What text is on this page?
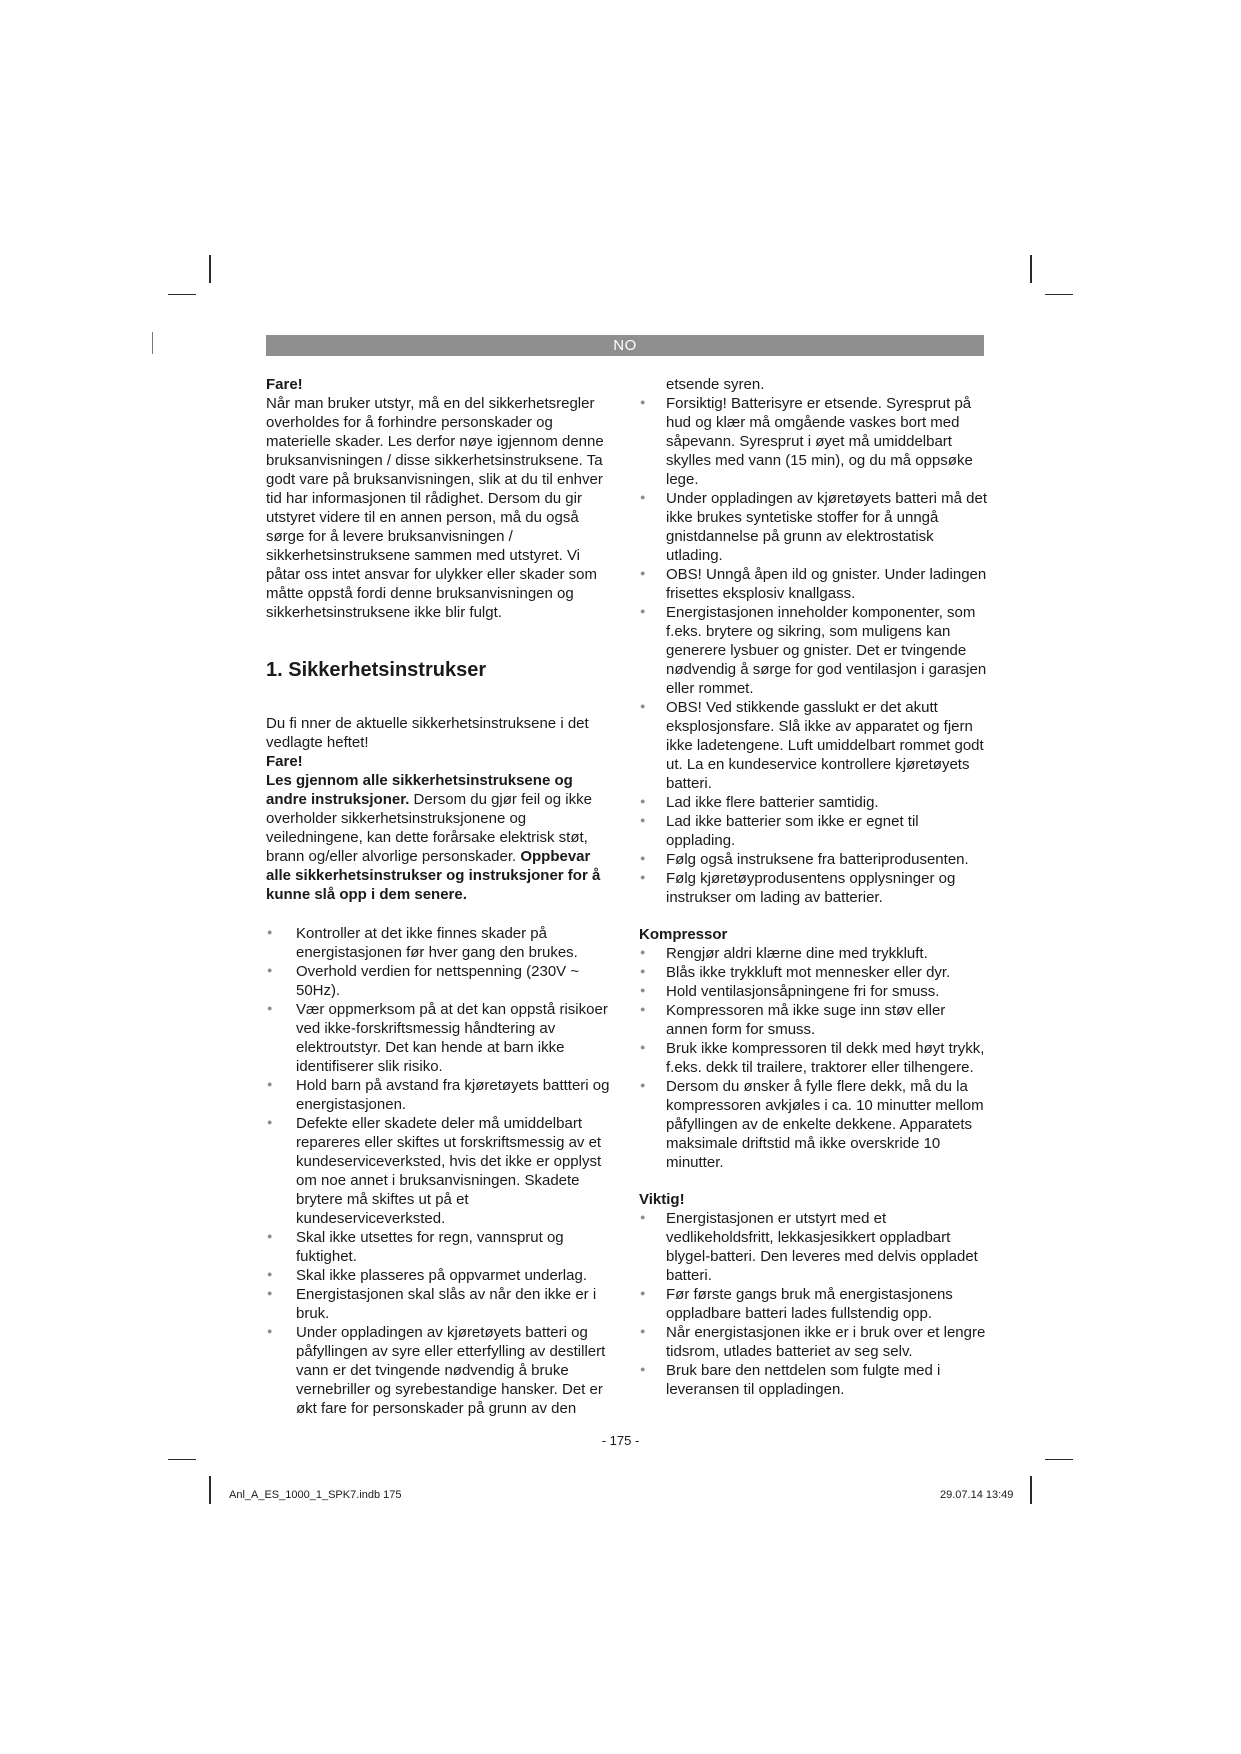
NO

Fare!

Når man bruker utstyr, må en del sikkerhetsregler overholdes for å forhindre personskader og materielle skader. Les derfor nøye igjennom denne bruksanvisningen / disse sikkerhetsinstruksene. Ta godt vare på bruksanvisningen, slik at du til enhver tid har informasjonen til rådighet. Dersom du gir utstyret videre til en annen person, må du også sørge for å levere bruksanvisningen / sikkerhetsinstruksene sammen med utstyret. Vi påtar oss intet ansvar for ulykker eller skader som måtte oppstå fordi denne bruksanvisningen og sikkerhetsinstruksene ikke blir fulgt.

1. Sikkerhetsinstrukser

Du fi nner de aktuelle sikkerhetsinstruksene i det vedlagte heftet!

Fare!

Les gjennom alle sikkerhetsinstruksene og andre instruksjoner. Dersom du gjør feil og ikke overholder sikkerhetsinstruksjonene og veiledningene, kan dette forårsake elektrisk støt, brann og/eller alvorlige personskader. Oppbevar alle sikkerhetsinstrukser og instruksjoner for å kunne slå opp i dem senere.

● Kontroller at det ikke finnes skader på energistasjonen før hver gang den brukes.
● Overhold verdien for nettspenning (230V ~ 50Hz).
● Vær oppmerksom på at det kan oppstå risikoer ved ikke-forskriftsmessig håndtering av elektroutstyr. Det kan hende at barn ikke identifiserer slik risiko.
● Hold barn på avstand fra kjøretøyets battteri og energistasjonen.
● Defekte eller skadete deler må umiddelbart repareres eller skiftes ut forskriftsmessig av et kundeserviceverksted, hvis det ikke er opplyst om noe annet i bruksanvisningen. Skadete brytere må skiftes ut på et kundeserviceverksted.
● Skal ikke utsettes for regn, vannsprut og fuktighet.
● Skal ikke plasseres på oppvarmet underlag.
● Energistasjonen skal slås av når den ikke er i bruk.
● Under oppladingen av kjøretøyets batteri og påfyllingen av syre eller etterfylling av destillert vann er det tvingende nødvendig å bruke vernebriller og syrebestandige hansker. Det er økt fare for personskader på grunn av den
etsende syren.
● Forsiktig! Batterisyre er etsende. Syresprut på hud og klær må omgående vaskes bort med såpevann. Syresprut i øyet må umiddelbart skylles med vann (15 min), og du må oppsøke lege.
● Under oppladingen av kjøretøyets batteri må det ikke brukes syntetiske stoffer for å unngå gnistdannelse på grunn av elektrostatisk utlading.
● OBS! Unngå åpen ild og gnister. Under ladingen frisettes eksplosiv knallgass.
● Energistasjonen inneholder komponenter, som f.eks. brytere og sikring, som muligens kan generere lysbuer og gnister. Det er tvingende nødvendig å sørge for god ventilasjon i garasjen eller rommet.
● OBS! Ved stikkende gasslukt er det akutt eksplosjonsfare. Slå ikke av apparatet og fjern ikke ladetengene. Luft umiddelbart rommet godt ut. La en kundeservice kontrollere kjøretøyets batteri.
● Lad ikke flere batterier samtidig.
● Lad ikke batterier som ikke er egnet til opplading.
● Følg også instruksene fra batteriprodusenten.
● Følg kjøretøyprodusentens opplysninger og instrukser om lading av batterier.

Kompressor

● Rengjør aldri klærne dine med trykkluft.
● Blås ikke trykkluft mot mennesker eller dyr.
● Hold ventilasjonsåpningene fri for smuss.
● Kompressoren må ikke suge inn støv eller annen form for smuss.
● Bruk ikke kompressoren til dekk med høyt trykk, f.eks. dekk til trailere, traktorer eller tilhengere.
● Dersom du ønsker å fylle flere dekk, må du la kompressoren avkjøles i ca. 10 minutter mellom påfyllingen av de enkelte dekkene. Apparatets maksimale driftstid må ikke overskride 10 minutter.

Viktig!

● Energistasjonen er utstyrt med et vedlikeholdsfritt, lekkasjesikkert oppladbart blygel-batteri. Den leveres med delvis oppladet batteri.
● Før første gangs bruk må energistasjonens oppladbare batteri lades fullstendig opp.
● Når energistasjonen ikke er i bruk over et lengre tidsrom, utlades batteriet av seg selv.
● Bruk bare den nettdelen som fulgte med i leveransen til oppladingen.
- 175 -
Anl_A_ES_1000_1_SPK7.indb 175	29.07.14 13:49
